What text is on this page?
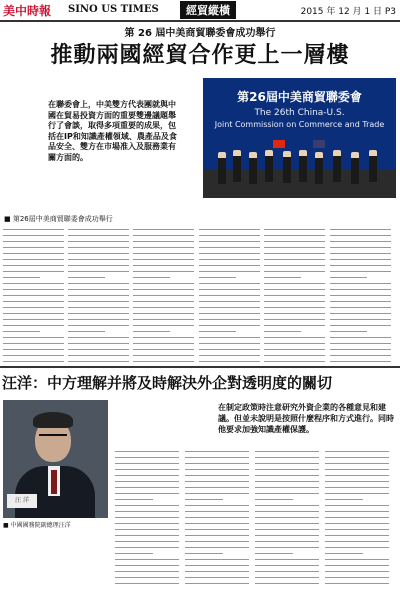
美中時報 SINO US TIMES	經貿縱橫	2015 年 12 月 1 日 P3
第 26 屆中美商貿聯委會成功舉行
推動兩國經貿合作更上一層樓
在聯委會上，中美雙方代表團就與中國在貿易投資方面的重要雙邊議題舉行了會談，取得多項重要的成果，包括在IP和知識產權領域、農產品及食品安全、雙方在市場准入及服務業有關方面的。
第26屆中美商貿聯委會
The 26th China-U.S.
Joint Commission on Commerce and Trade
■ 第26屆中美商貿聯委會成功舉行
汪洋：中方理解并將及時解決外企對透明度的關切
汪 洋
■ 中國國務院副總理汪洋
在制定政策時注意研究外資企業的各種意見和建議。但並未說明是按照什麼程序和方式進行。同時他要求加強知識產權保護。
